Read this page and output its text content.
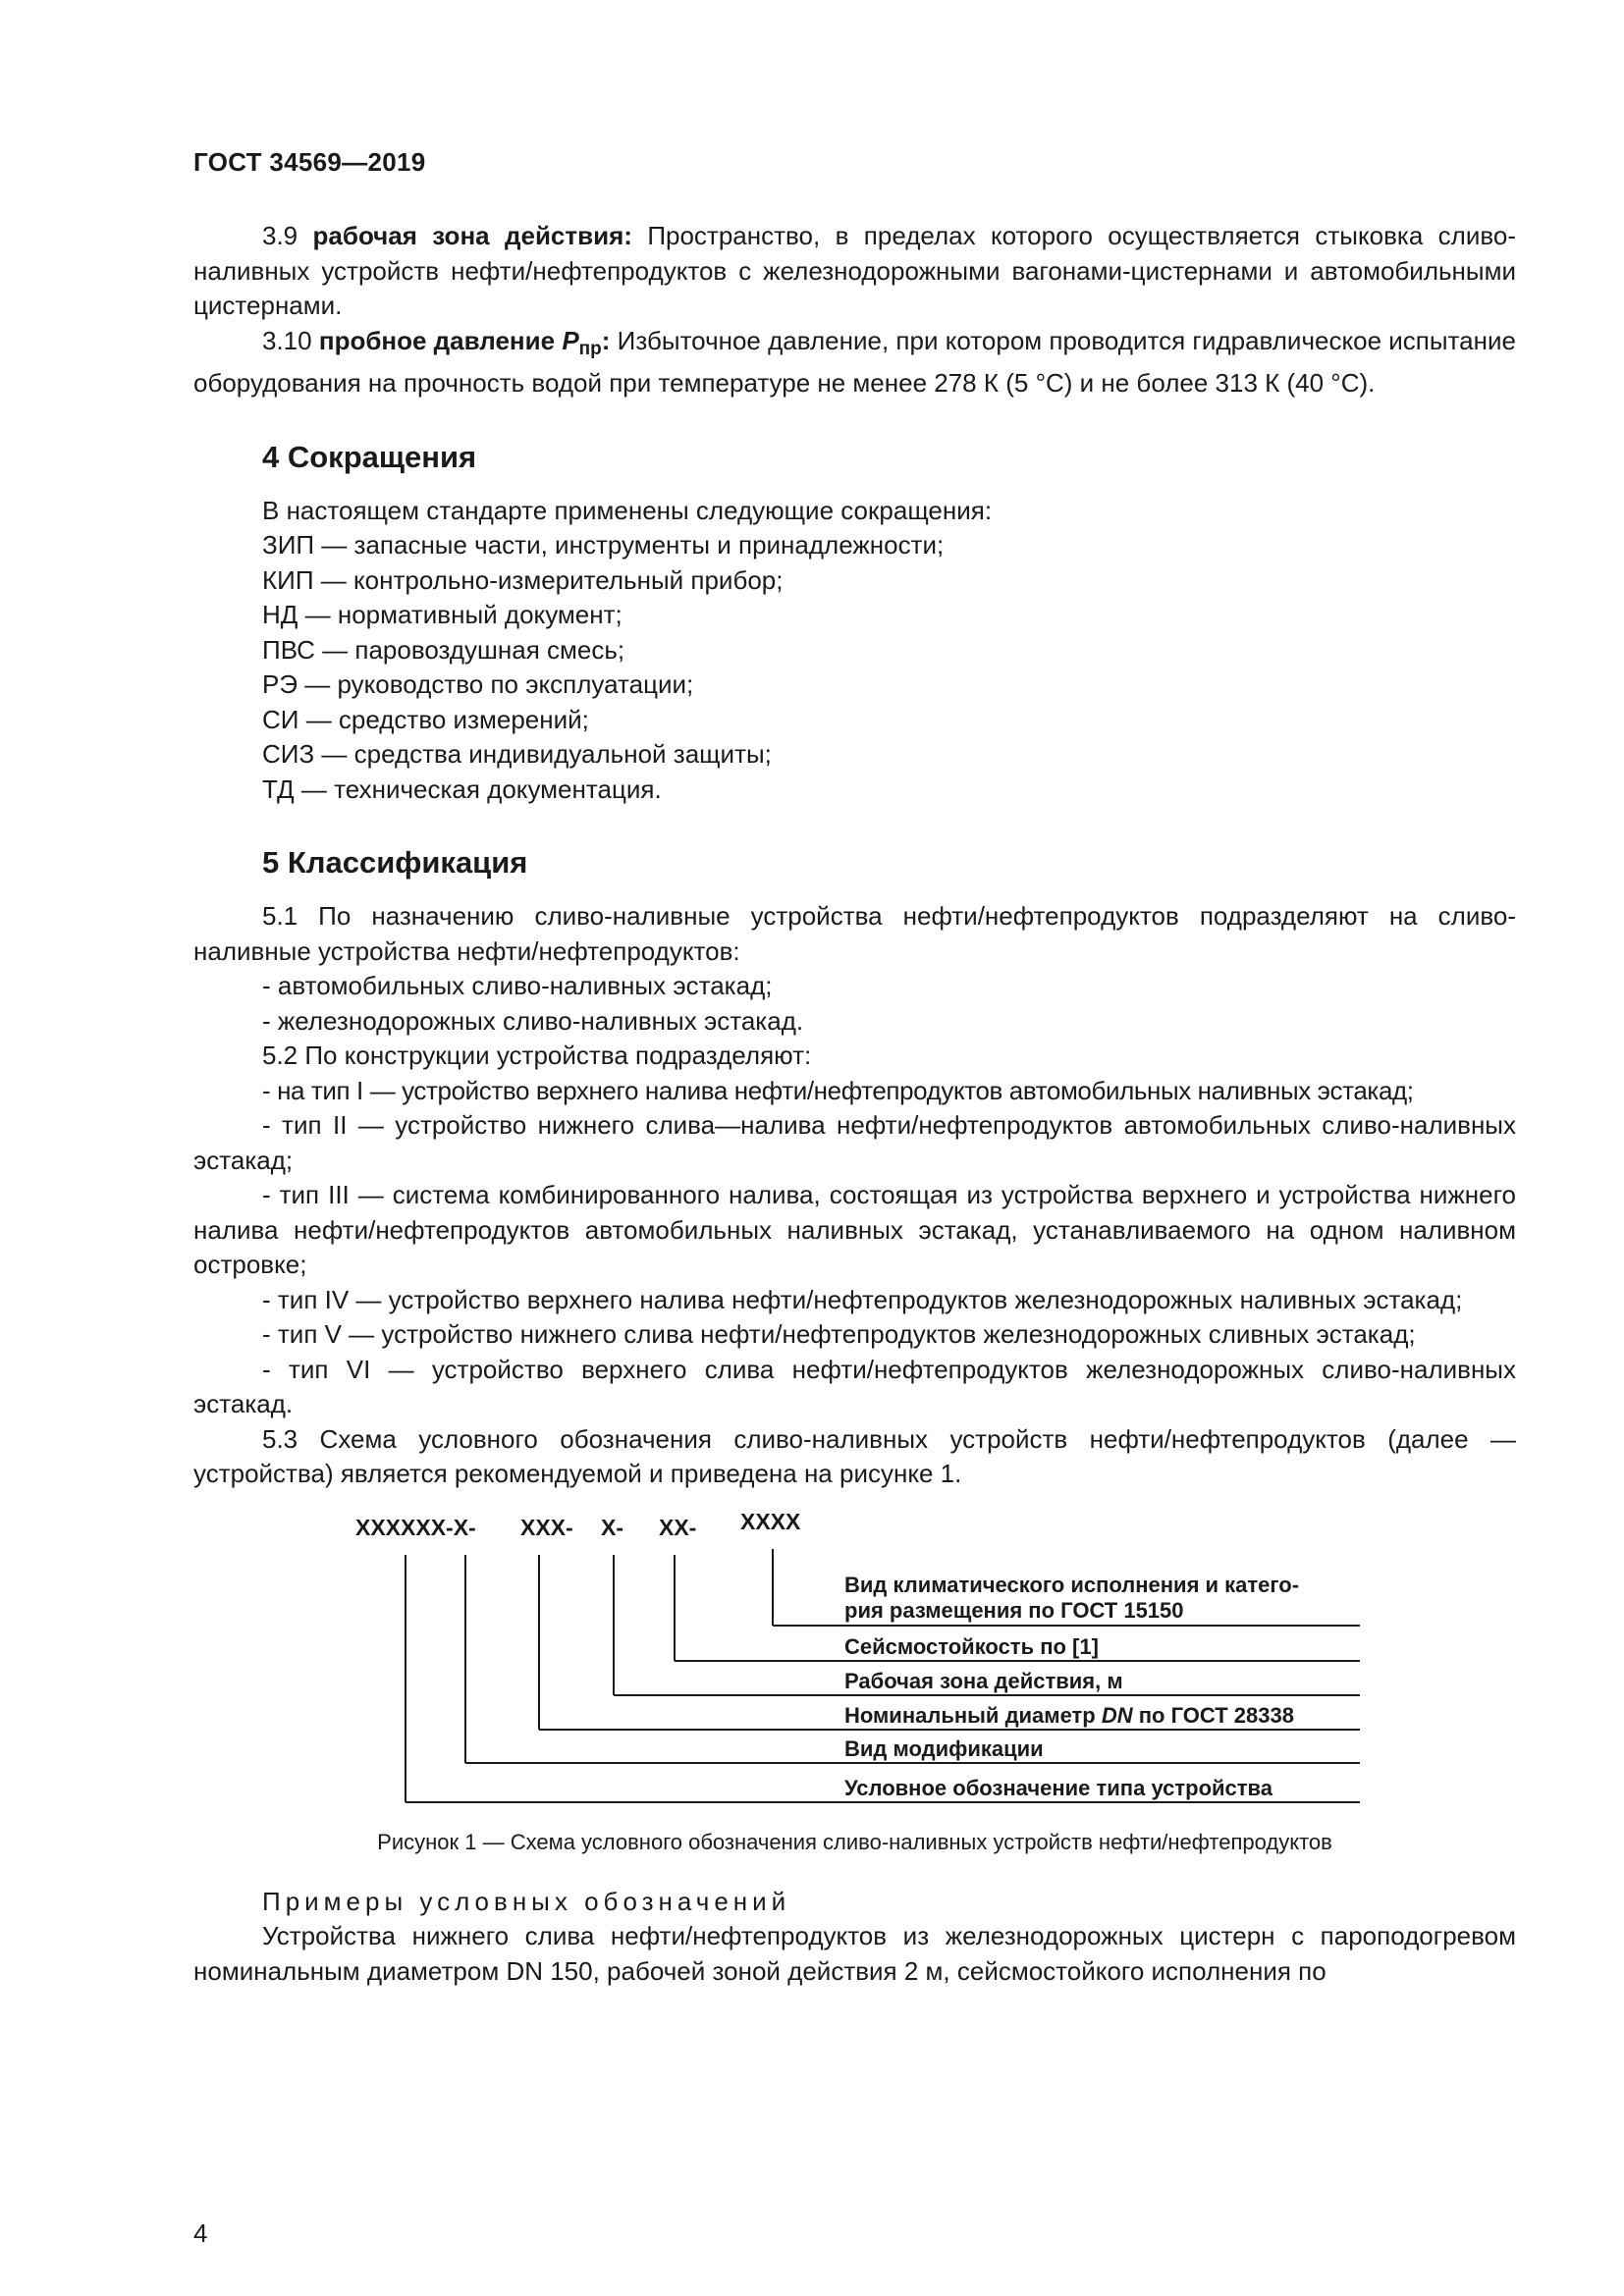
ГОСТ 34569—2019

3.9 рабочая зона действия: Пространство, в пределах которого осуществляется стыковка сливо-наливных устройств нефти/нефтепродуктов с железнодорожными вагонами-цистернами и автомобильными цистернами.

3.10 пробное давление $P_{пр}$: Избыточное давление, при котором проводится гидравлическое испытание оборудования на прочность водой при температуре не менее 278 К (5 °С) и не более 313 К (40 °С).

4 Сокращения

В настоящем стандарте применены следующие сокращения:

ЗИП — запасные части, инструменты и принадлежности;

КИП — контрольно-измерительный прибор;

НД — нормативный документ;

ПВС — паровоздушная смесь;

РЭ — руководство по эксплуатации;

СИ — средство измерений;

СИЗ — средства индивидуальной защиты;

ТД — техническая документация.

5 Классификация

5.1 По назначению сливо-наливные устройства нефти/нефтепродуктов подразделяют на сливо-наливные устройства нефти/нефтепродуктов:

- автомобильных сливо-наливных эстакад;

- железнодорожных сливо-наливных эстакад.

5.2 По конструкции устройства подразделяют:

- на тип I — устройство верхнего налива нефти/нефтепродуктов автомобильных наливных эстакад;

- тип II — устройство нижнего слива—налива нефти/нефтепродуктов автомобильных сливо-наливных эстакад;

- тип III — система комбинированного налива, состоящая из устройства верхнего и устройства нижнего налива нефти/нефтепродуктов автомобильных наливных эстакад, устанавливаемого на одном наливном островке;

- тип IV — устройство верхнего налива нефти/нефтепродуктов железнодорожных наливных эстакад;

- тип V — устройство нижнего слива нефти/нефтепродуктов железнодорожных сливных эстакад;

- тип VI — устройство верхнего слива нефти/нефтепродуктов железнодорожных сливо-наливных эстакад.

5.3 Схема условного обозначения сливо-наливных устройств нефти/нефтепродуктов (далее — устройства) является рекомендуемой и приведена на рисунке 1.

XXXXXX-X- XXX- X- XX- XXXX
Вид климатического исполнения и катего-
рия размещения по ГОСТ 15150
Сейсмостойкость по [1]
Рабочая зона действия, м
Номинальный диаметр DN по ГОСТ 28338
Вид модификации
Условное обозначение типа устройства

Рисунок 1 — Схема условного обозначения сливо-наливных устройств нефти/нефтепродуктов

Примеры условных обозначений

Устройства нижнего слива нефти/нефтепродуктов из железнодорожных цистерн с пароподогревом номинальным диаметром DN 150, рабочей зоной действия 2 м, сейсмостойкого исполнения по

4
